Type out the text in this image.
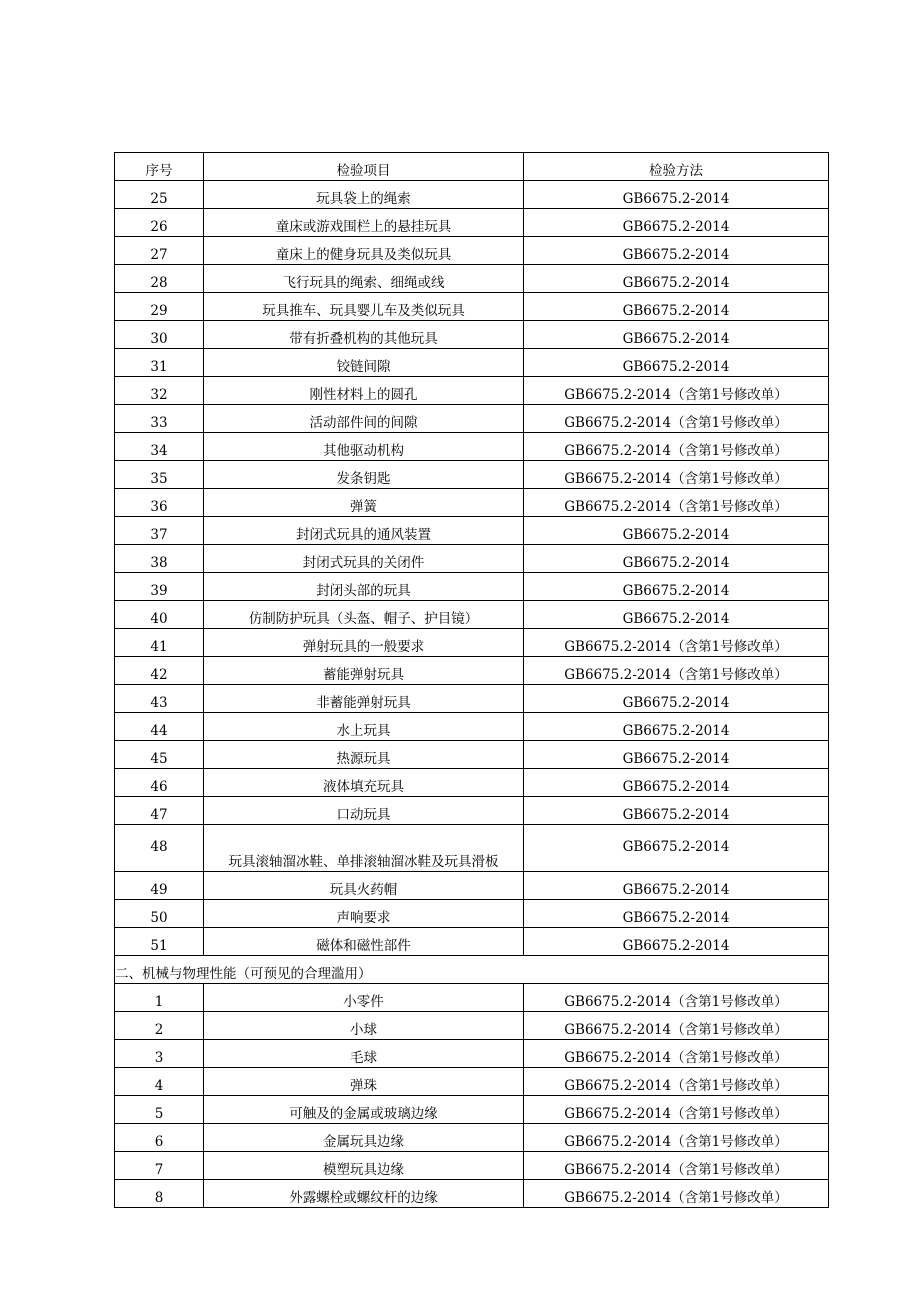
序号	检验项目	检验方法
25	玩具袋上的绳索	GB6675.2-2014
26	童床或游戏围栏上的悬挂玩具	GB6675.2-2014
27	童床上的健身玩具及类似玩具	GB6675.2-2014
28	飞行玩具的绳索、细绳或线	GB6675.2-2014
29	玩具推车、玩具婴儿车及类似玩具	GB6675.2-2014
30	带有折叠机构的其他玩具	GB6675.2-2014
31	铰链间隙	GB6675.2-2014
32	刚性材料上的圆孔	GB6675.2-2014（含第1号修改单）
33	活动部件间的间隙	GB6675.2-2014（含第1号修改单）
34	其他驱动机构	GB6675.2-2014（含第1号修改单）
35	发条钥匙	GB6675.2-2014（含第1号修改单）
36	弹簧	GB6675.2-2014（含第1号修改单）
37	封闭式玩具的通风装置	GB6675.2-2014
38	封闭式玩具的关闭件	GB6675.2-2014
39	封闭头部的玩具	GB6675.2-2014
40	仿制防护玩具（头盔、帽子、护目镜）	GB6675.2-2014
41	弹射玩具的一般要求	GB6675.2-2014（含第1号修改单）
42	蓄能弹射玩具	GB6675.2-2014（含第1号修改单）
43	非蓄能弹射玩具	GB6675.2-2014
44	水上玩具	GB6675.2-2014
45	热源玩具	GB6675.2-2014
46	液体填充玩具	GB6675.2-2014
47	口动玩具	GB6675.2-2014
48	玩具滚轴溜冰鞋、单排滚轴溜冰鞋及玩具滑板	GB6675.2-2014
49	玩具火药帽	GB6675.2-2014
50	声响要求	GB6675.2-2014
51	磁体和磁性部件	GB6675.2-2014
二、机械与物理性能（可预见的合理滥用）		
1	小零件	GB6675.2-2014（含第1号修改单）
2	小球	GB6675.2-2014（含第1号修改单）
3	毛球	GB6675.2-2014（含第1号修改单）
4	弹珠	GB6675.2-2014（含第1号修改单）
5	可触及的金属或玻璃边缘	GB6675.2-2014（含第1号修改单）
6	金属玩具边缘	GB6675.2-2014（含第1号修改单）
7	模塑玩具边缘	GB6675.2-2014（含第1号修改单）
8	外露螺栓或螺纹杆的边缘	GB6675.2-2014（含第1号修改单）
